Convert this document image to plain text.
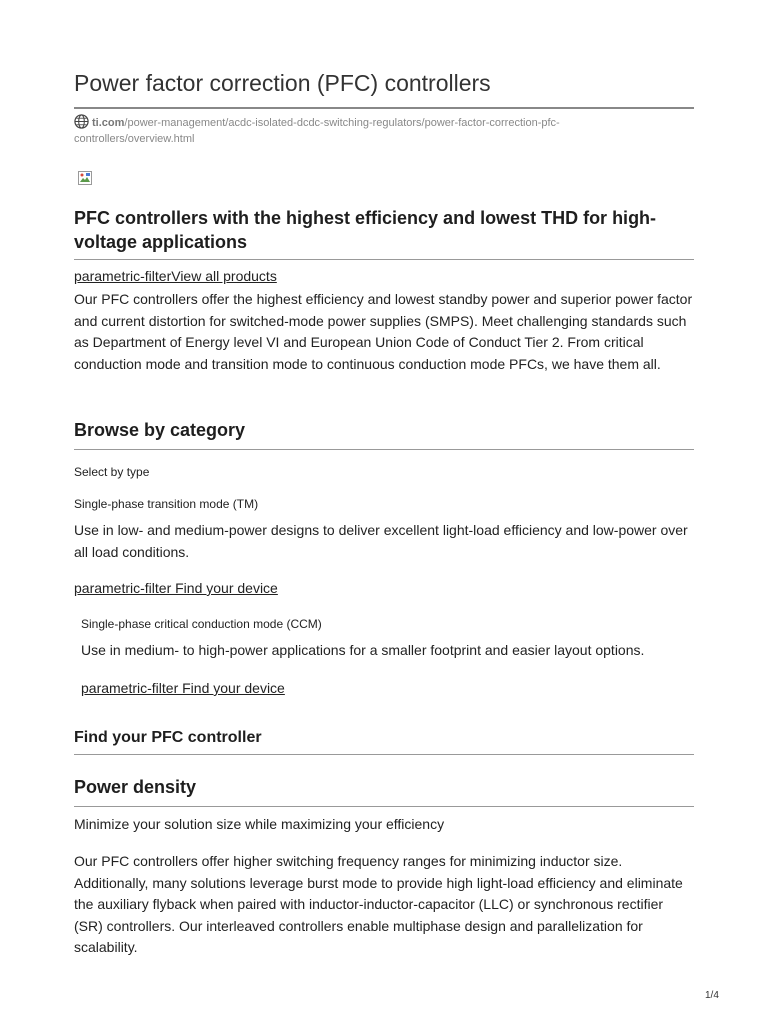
Power factor correction (PFC) controllers
ti.com/power-management/acdc-isolated-dcdc-switching-regulators/power-factor-correction-pfc-controllers/overview.html
PFC controllers with the highest efficiency and lowest THD for high-voltage applications
parametric-filterView all products

Our PFC controllers offer the highest efficiency and lowest standby power and superior power factor and current distortion for switched-mode power supplies (SMPS). Meet challenging standards such as Department of Energy level VI and European Union Code of Conduct Tier 2. From critical conduction mode and transition mode to continuous conduction mode PFCs, we have them all.

Browse by category
Select by type
Single-phase transition mode (TM)

Use in low- and medium-power designs to deliver excellent light-load efficiency and low-power over all load conditions.

parametric-filter Find your device
Single-phase critical conduction mode (CCM)

Use in medium- to high-power applications for a smaller footprint and easier layout options.

parametric-filter Find your device
Find your PFC controller
Power density

Minimize your solution size while maximizing your efficiency

Our PFC controllers offer higher switching frequency ranges for minimizing inductor size. Additionally, many solutions leverage burst mode to provide high light-load efficiency and eliminate the auxiliary flyback when paired with inductor-inductor-capacitor (LLC) or synchronous rectifier (SR) controllers. Our interleaved controllers enable multiphase design and parallelization for scalability.

1/4
